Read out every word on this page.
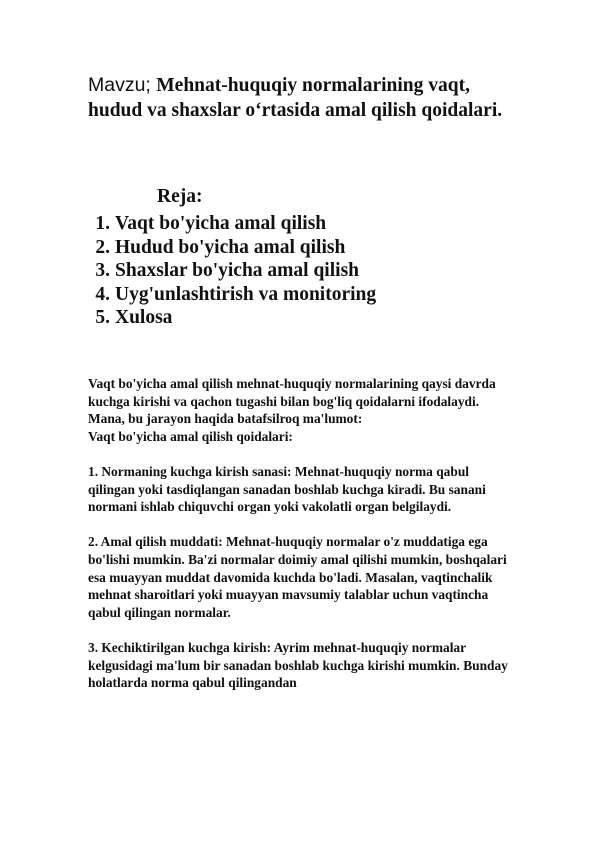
Mavzu; Mehnat-huquqiy normalarining vaqt, hudud va shaxslar o‘rtasida amal qilish qoidalari.
Reja:
1. Vaqt bo'yicha amal qilish
2. Hudud bo'yicha amal qilish
3. Shaxslar bo'yicha amal qilish
4. Uyg'unlashtirish va monitoring
5. Xulosa

Vaqt bo'yicha amal qilish mehnat-huquqiy normalarining qaysi davrda kuchga kirishi va qachon tugashi bilan bog'liq qoidalarni ifodalaydi. Mana, bu jarayon haqida batafsilroq ma'lumot:

Vaqt bo'yicha amal qilish qoidalari:

1. Normaning kuchga kirish sanasi: Mehnat-huquqiy norma qabul qilingan yoki tasdiqlangan sanadan boshlab kuchga kiradi. Bu sanani normani ishlab chiquvchi organ yoki vakolatli organ belgilaydi.

2. Amal qilish muddati: Mehnat-huquqiy normalar o'z muddatiga ega bo'lishi mumkin. Ba'zi normalar doimiy amal qilishi mumkin, boshqalari esa muayyan muddat davomida kuchda bo'ladi. Masalan, vaqtinchalik mehnat sharoitlari yoki muayyan mavsumiy talablar uchun vaqtincha qabul qilingan normalar.

3. Kechiktirilgan kuchga kirish: Ayrim mehnat-huquqiy normalar kelgusidagi ma'lum bir sanadan boshlab kuchga kirishi mumkin. Bunday holatlarda norma qabul qilingandan
